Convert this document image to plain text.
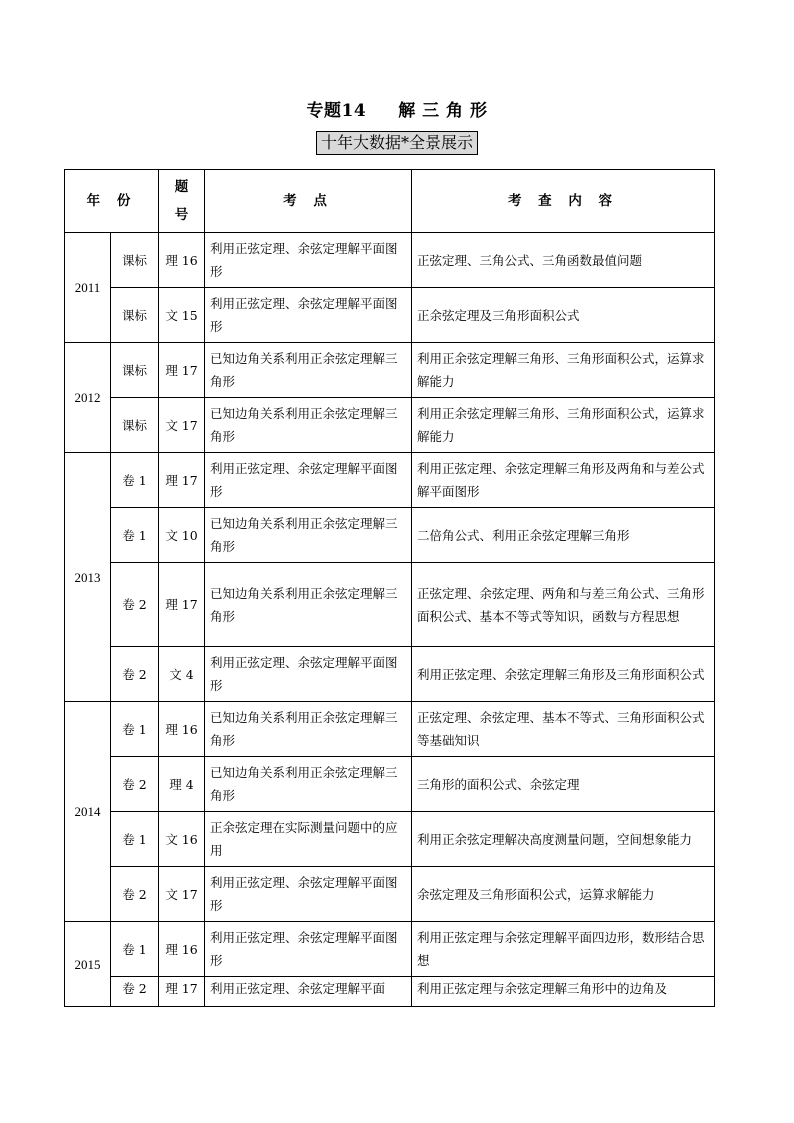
专题14 解 三 角 形
十年大数据*全景展示
年 份		题号	考 点	考 查 内 容
2011	课标	理 16	利用正弦定理、余弦定理解平面图形	正弦定理、三角公式、三角函数最值问题
	课标	文 15	利用正弦定理、余弦定理解平面图形	正余弦定理及三角形面积公式
2012	课标	理 17	已知边角关系利用正余弦定理解三角形	利用正余弦定理解三角形、三角形面积公式，运算求解能力
	课标	文 17	已知边角关系利用正余弦定理解三角形	利用正余弦定理解三角形、三角形面积公式，运算求解能力
2013	卷 1	理 17	利用正弦定理、余弦定理解平面图形	利用正弦定理、余弦定理解三角形及两角和与差公式解平面图形
	卷 1	文 10	已知边角关系利用正余弦定理解三角形	二倍角公式、利用正余弦定理解三角形
	卷 2	理 17	已知边角关系利用正余弦定理解三角形	正弦定理、余弦定理、两角和与差三角公式、三角形面积公式、基本不等式等知识，函数与方程思想
	卷 2	文 4	利用正弦定理、余弦定理解平面图形	利用正弦定理、余弦定理解三角形及三角形面积公式
2014	卷 1	理 16	已知边角关系利用正余弦定理解三角形	正弦定理、余弦定理、基本不等式、三角形面积公式等基础知识
	卷 2	理 4	已知边角关系利用正余弦定理解三角形	三角形的面积公式、余弦定理
	卷 1	文 16	正余弦定理在实际测量问题中的应用	利用正余弦定理解决高度测量问题，空间想象能力
	卷 2	文 17	利用正弦定理、余弦定理解平面图形	余弦定理及三角形面积公式，运算求解能力
2015	卷 1	理 16	利用正弦定理、余弦定理解平面图形	利用正弦定理与余弦定理解平面四边形，数形结合思想
	卷 2	理 17	利用正弦定理、余弦定理解平面	利用正弦定理与余弦定理解三角形中的边角及
